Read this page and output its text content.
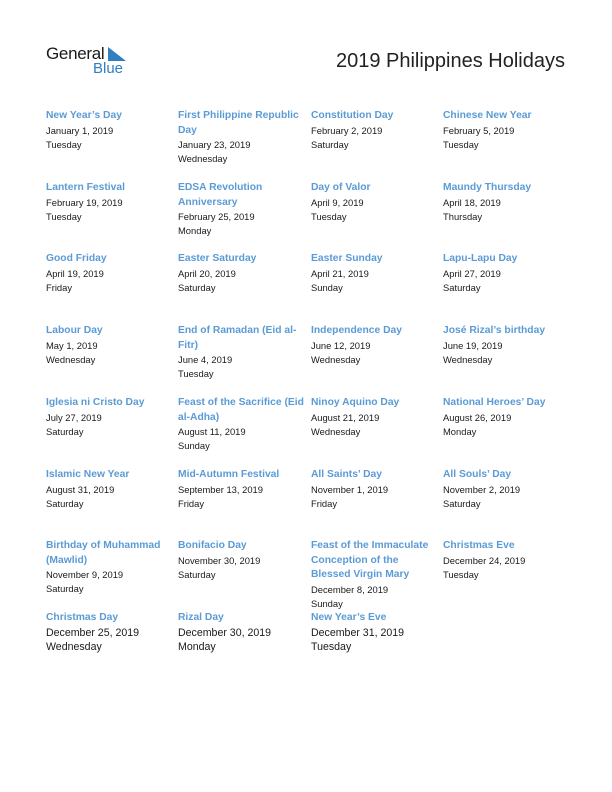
General
Blue	2019 Philippines Holidays
New Year’s Day
January 1, 2019
Tuesday
First Philippine Republic Day
January 23, 2019
Wednesday
Constitution Day
February 2, 2019
Saturday
Chinese New Year
February 5, 2019
Tuesday
Lantern Festival
February 19, 2019
Tuesday
EDSA Revolution Anniversary
February 25, 2019
Monday
Day of Valor
April 9, 2019
Tuesday
Maundy Thursday
April 18, 2019
Thursday
Good Friday
April 19, 2019
Friday
Easter Saturday
April 20, 2019
Saturday
Easter Sunday
April 21, 2019
Sunday
Lapu-Lapu Day
April 27, 2019
Saturday
Labour Day
May 1, 2019
Wednesday
End of Ramadan (Eid al-Fitr)
June 4, 2019
Tuesday
Independence Day
June 12, 2019
Wednesday
José Rizal’s birthday
June 19, 2019
Wednesday
Iglesia ni Cristo Day
July 27, 2019
Saturday
Feast of the Sacrifice (Eid al-Adha)
August 11, 2019
Sunday
Ninoy Aquino Day
August 21, 2019
Wednesday
National Heroes’ Day
August 26, 2019
Monday
Islamic New Year
August 31, 2019
Saturday
Mid-Autumn Festival
September 13, 2019
Friday
All Saints’ Day
November 1, 2019
Friday
All Souls’ Day
November 2, 2019
Saturday
Birthday of Muhammad (Mawlid)
November 9, 2019
Saturday
Bonifacio Day
November 30, 2019
Saturday
Feast of the Immaculate Conception of the Blessed Virgin Mary
December 8, 2019
Sunday
Christmas Eve
December 24, 2019
Tuesday
Christmas Day
December 25, 2019
Wednesday
Rizal Day
December 30, 2019
Monday
New Year’s Eve
December 31, 2019
Tuesday
